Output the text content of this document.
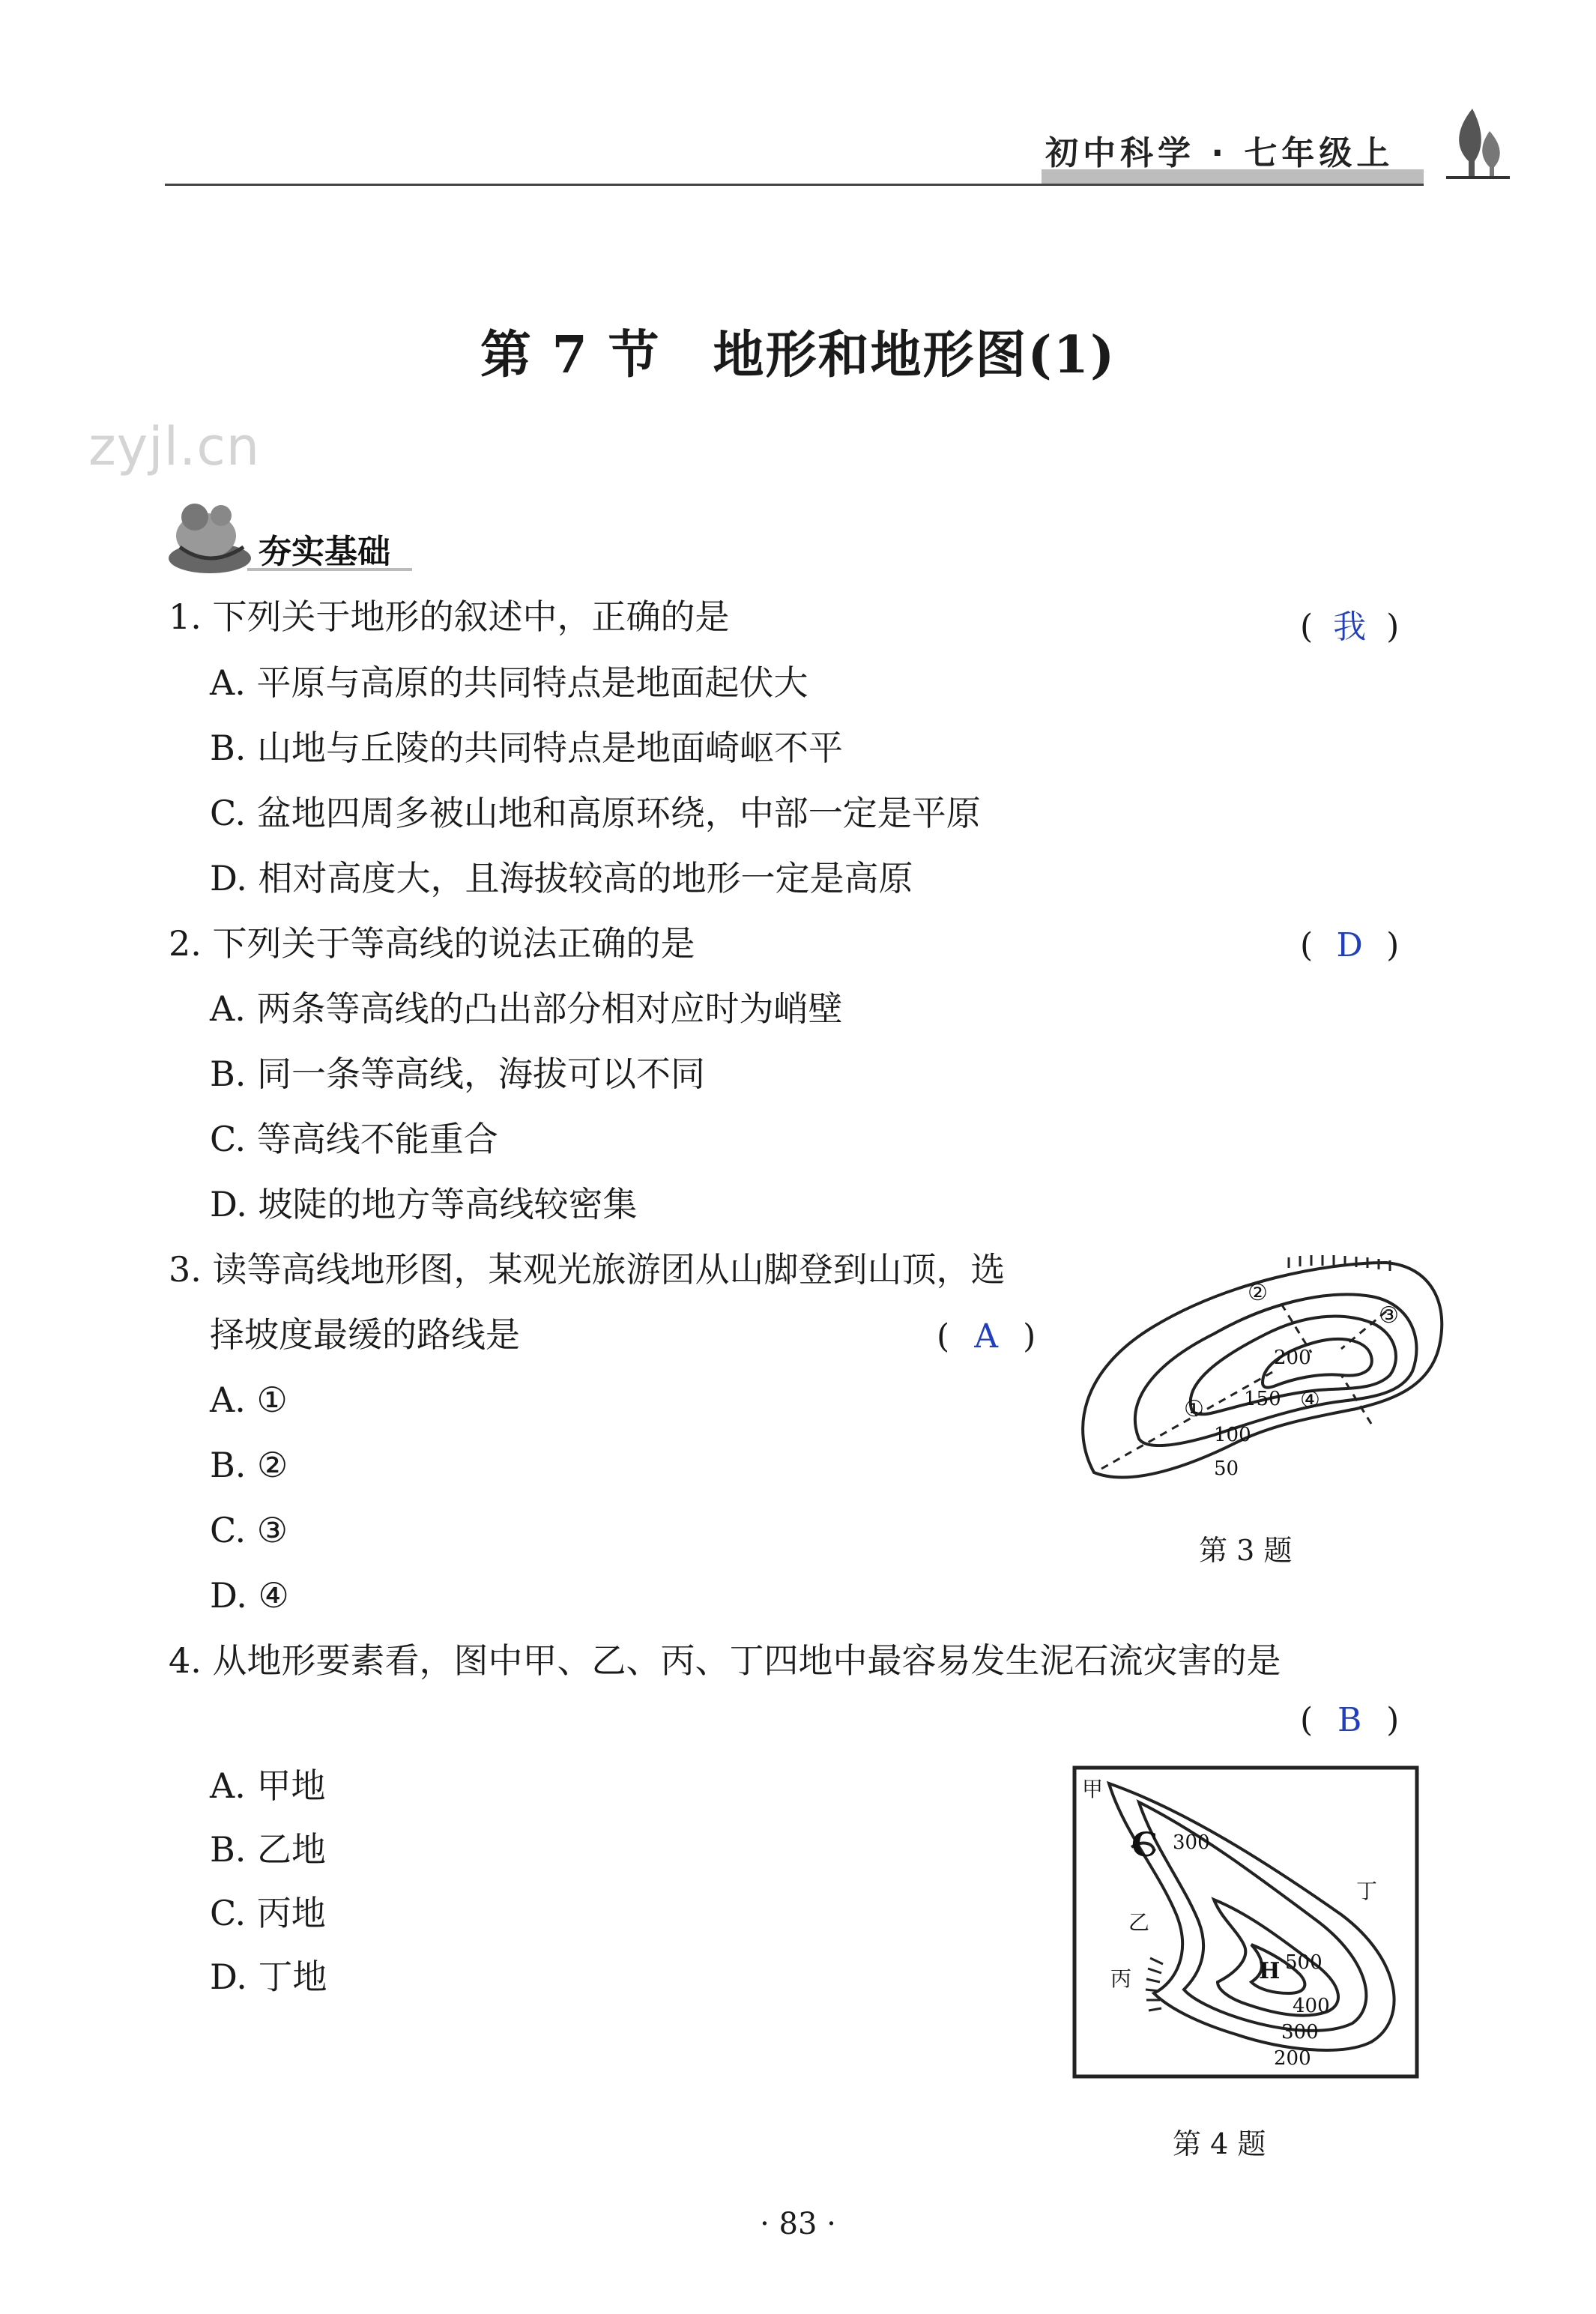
初中科学 · 七年级上
第 7 节 地形和地形图(1)
zyjl.cn
夯实基础
1. 下列关于地形的叙述中，正确的是	( 我 )
A. 平原与高原的共同特点是地面起伏大
B. 山地与丘陵的共同特点是地面崎岖不平
C. 盆地四周多被山地和高原环绕，中部一定是平原
D. 相对高度大，且海拔较高的地形一定是高原
2. 下列关于等高线的说法正确的是	( D )
A. 两条等高线的凸出部分相对应时为峭壁
B. 同一条等高线，海拔可以不同
C. 等高线不能重合
D. 坡陡的地方等高线较密集
3. 读等高线地形图，某观光旅游团从山脚登到山顶，选
择坡度最缓的路线是	( A )
A. ①
B. ②
C. ③
D. ④
①
②
③
④
200
150
100
50
第 3 题
4. 从地形要素看，图中甲、乙、丙、丁四地中最容易发生泥石流灾害的是
( B )
A. 甲地
B. 乙地
C. 丙地
D. 丁地
甲
乙
丙
丁
C
H
300
500
400
300
200
第 4 题
· 83 ·
